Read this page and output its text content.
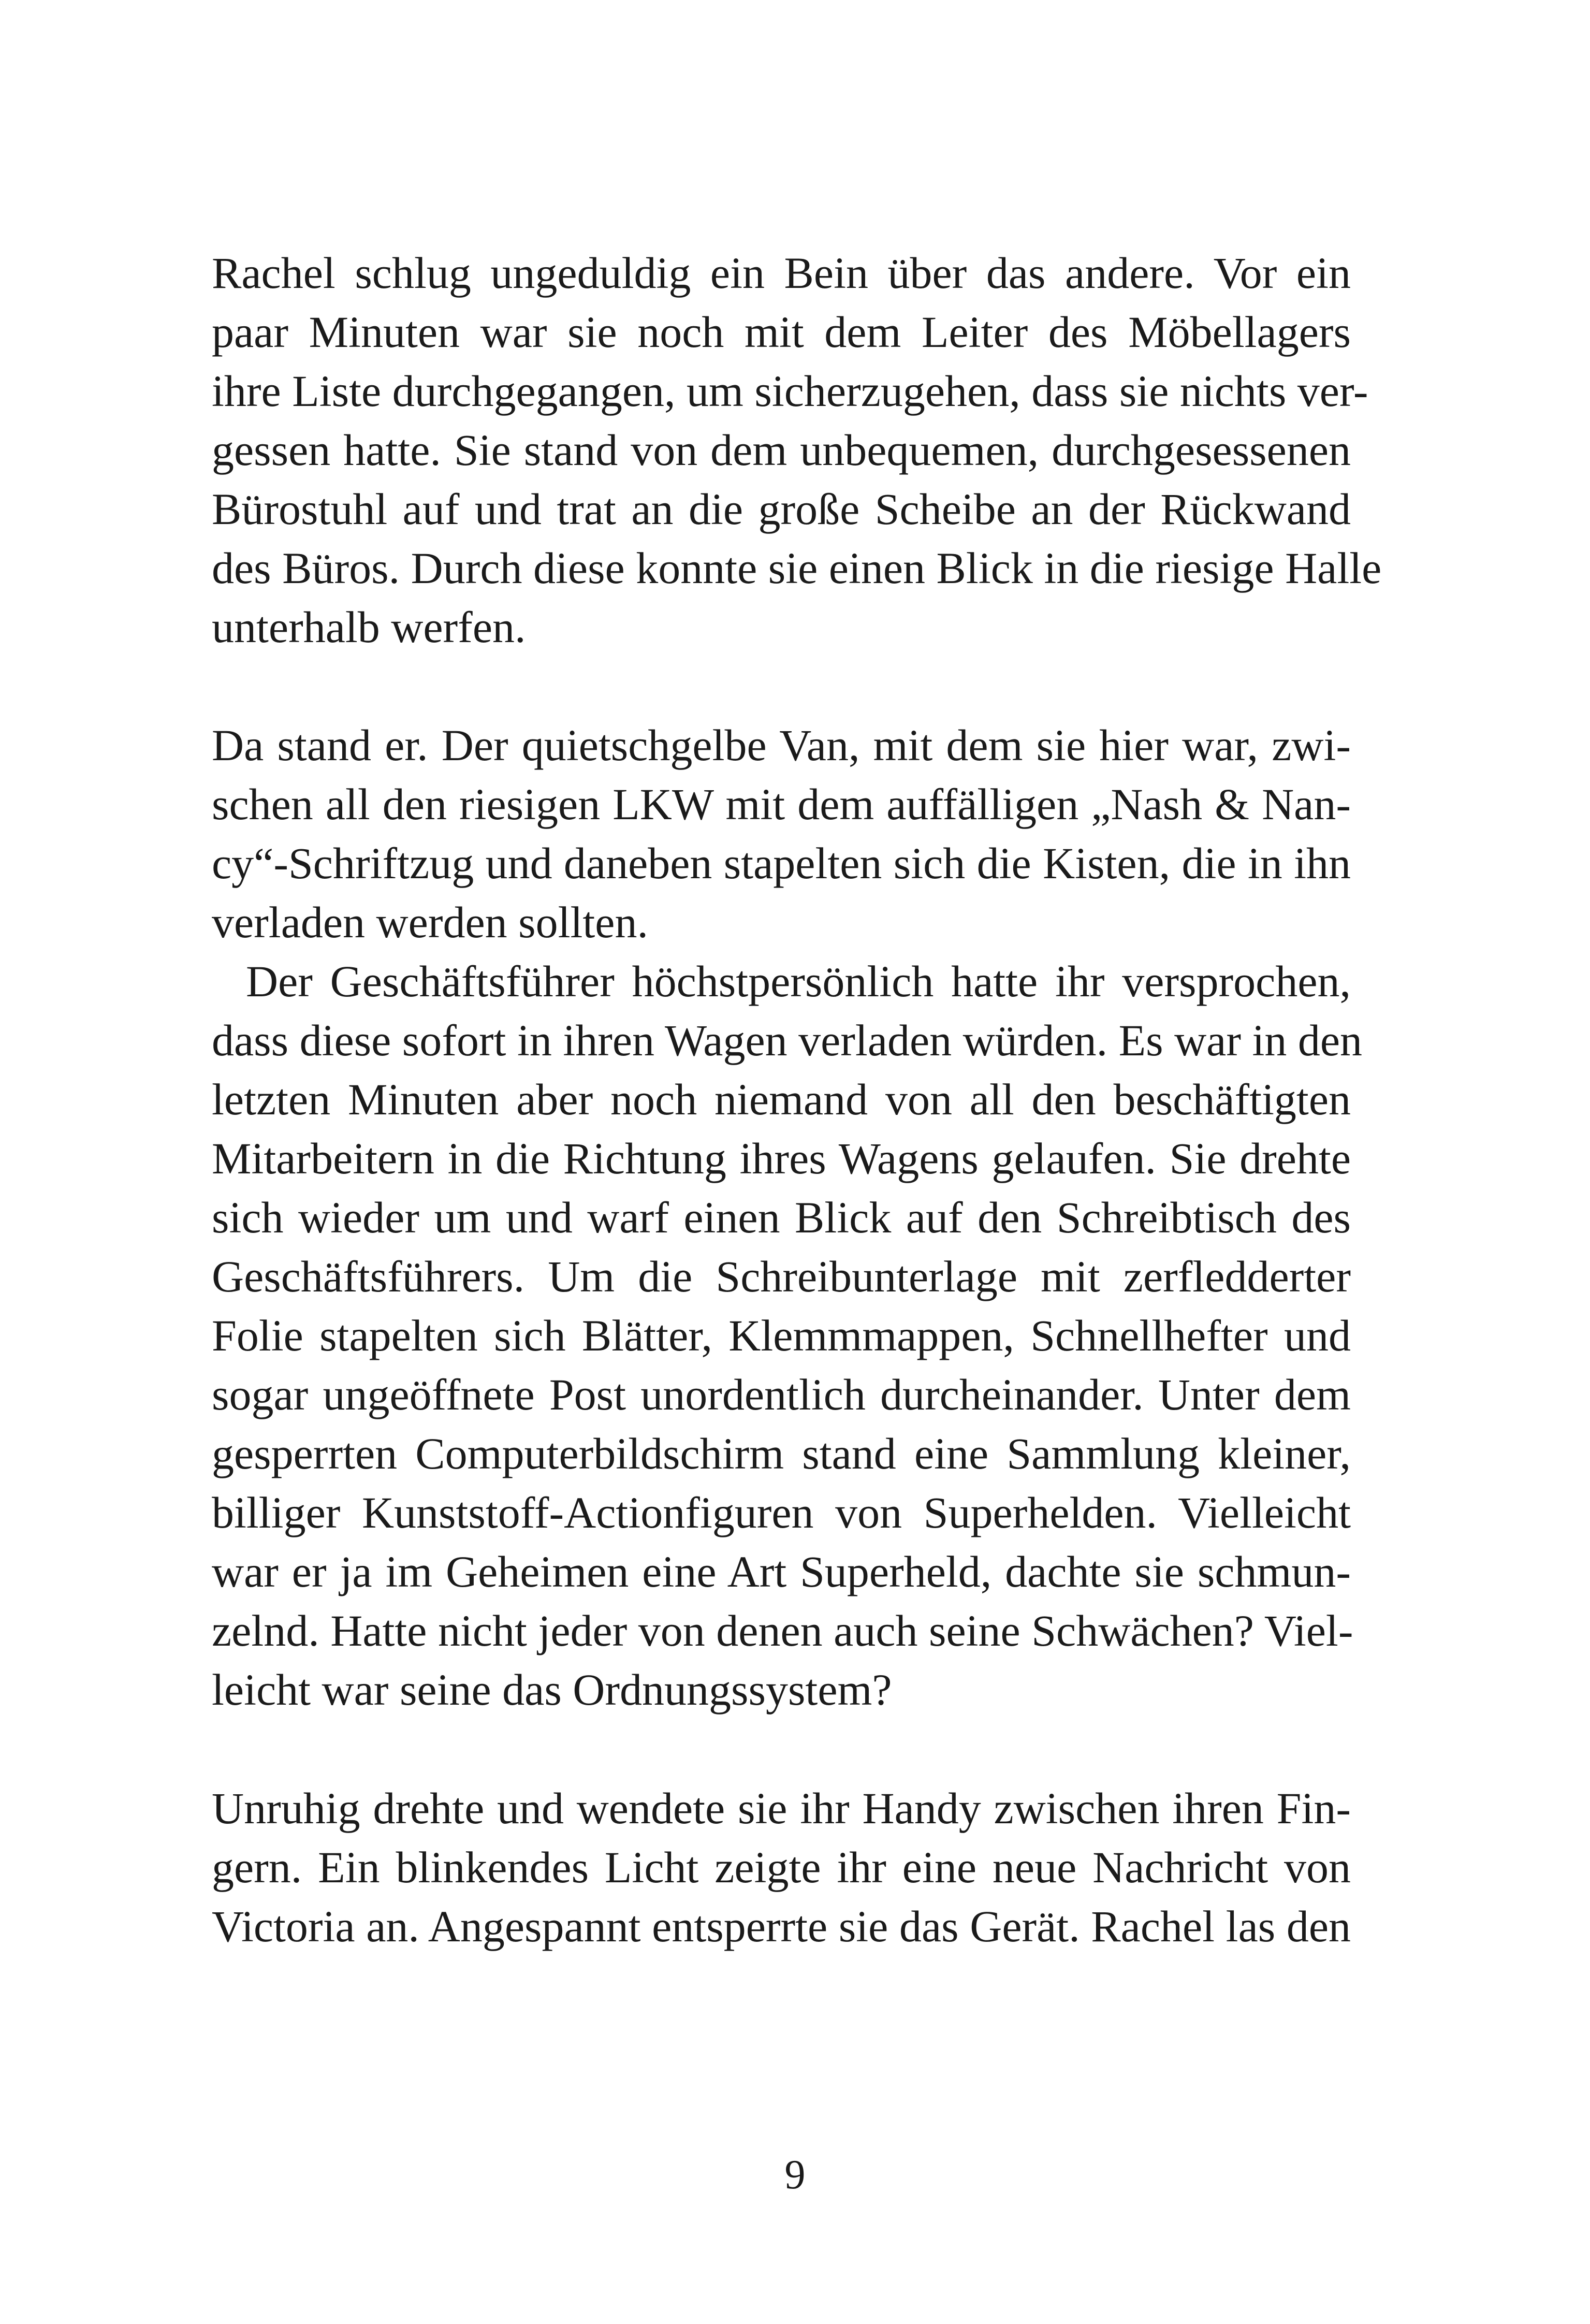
Rachel schlug ungeduldig ein Bein über das andere. Vor ein
paar Minuten war sie noch mit dem Leiter des Möbellagers
ihre Liste durchgegangen, um sicherzugehen, dass sie nichts ver-
gessen hatte. Sie stand von dem unbequemen, durchgesessenen
Bürostuhl auf und trat an die große Scheibe an der Rückwand
des Büros. Durch diese konnte sie einen Blick in die riesige Halle
unterhalb werfen.
Da stand er. Der quietschgelbe Van, mit dem sie hier war, zwi-
schen all den riesigen LKW mit dem auffälligen „Nash & Nan-
cy“-Schriftzug und daneben stapelten sich die Kisten, die in ihn
verladen werden sollten.
Der Geschäftsführer höchstpersönlich hatte ihr versprochen,
dass diese sofort in ihren Wagen verladen würden. Es war in den
letzten Minuten aber noch niemand von all den beschäftigten
Mitarbeitern in die Richtung ihres Wagens gelaufen. Sie drehte
sich wieder um und warf einen Blick auf den Schreibtisch des
Geschäftsführers. Um die Schreibunterlage mit zerfledderter
Folie stapelten sich Blätter, Klemmmappen, Schnellhefter und
sogar ungeöffnete Post unordentlich durcheinander. Unter dem
gesperrten Computerbildschirm stand eine Sammlung kleiner,
billiger Kunststoff-Actionfiguren von Superhelden. Vielleicht
war er ja im Geheimen eine Art Superheld, dachte sie schmun-
zelnd. Hatte nicht jeder von denen auch seine Schwächen? Viel-
leicht war seine das Ordnungssystem?
Unruhig drehte und wendete sie ihr Handy zwischen ihren Fin-
gern. Ein blinkendes Licht zeigte ihr eine neue Nachricht von
Victoria an. Angespannt entsperrte sie das Gerät. Rachel las den
9
